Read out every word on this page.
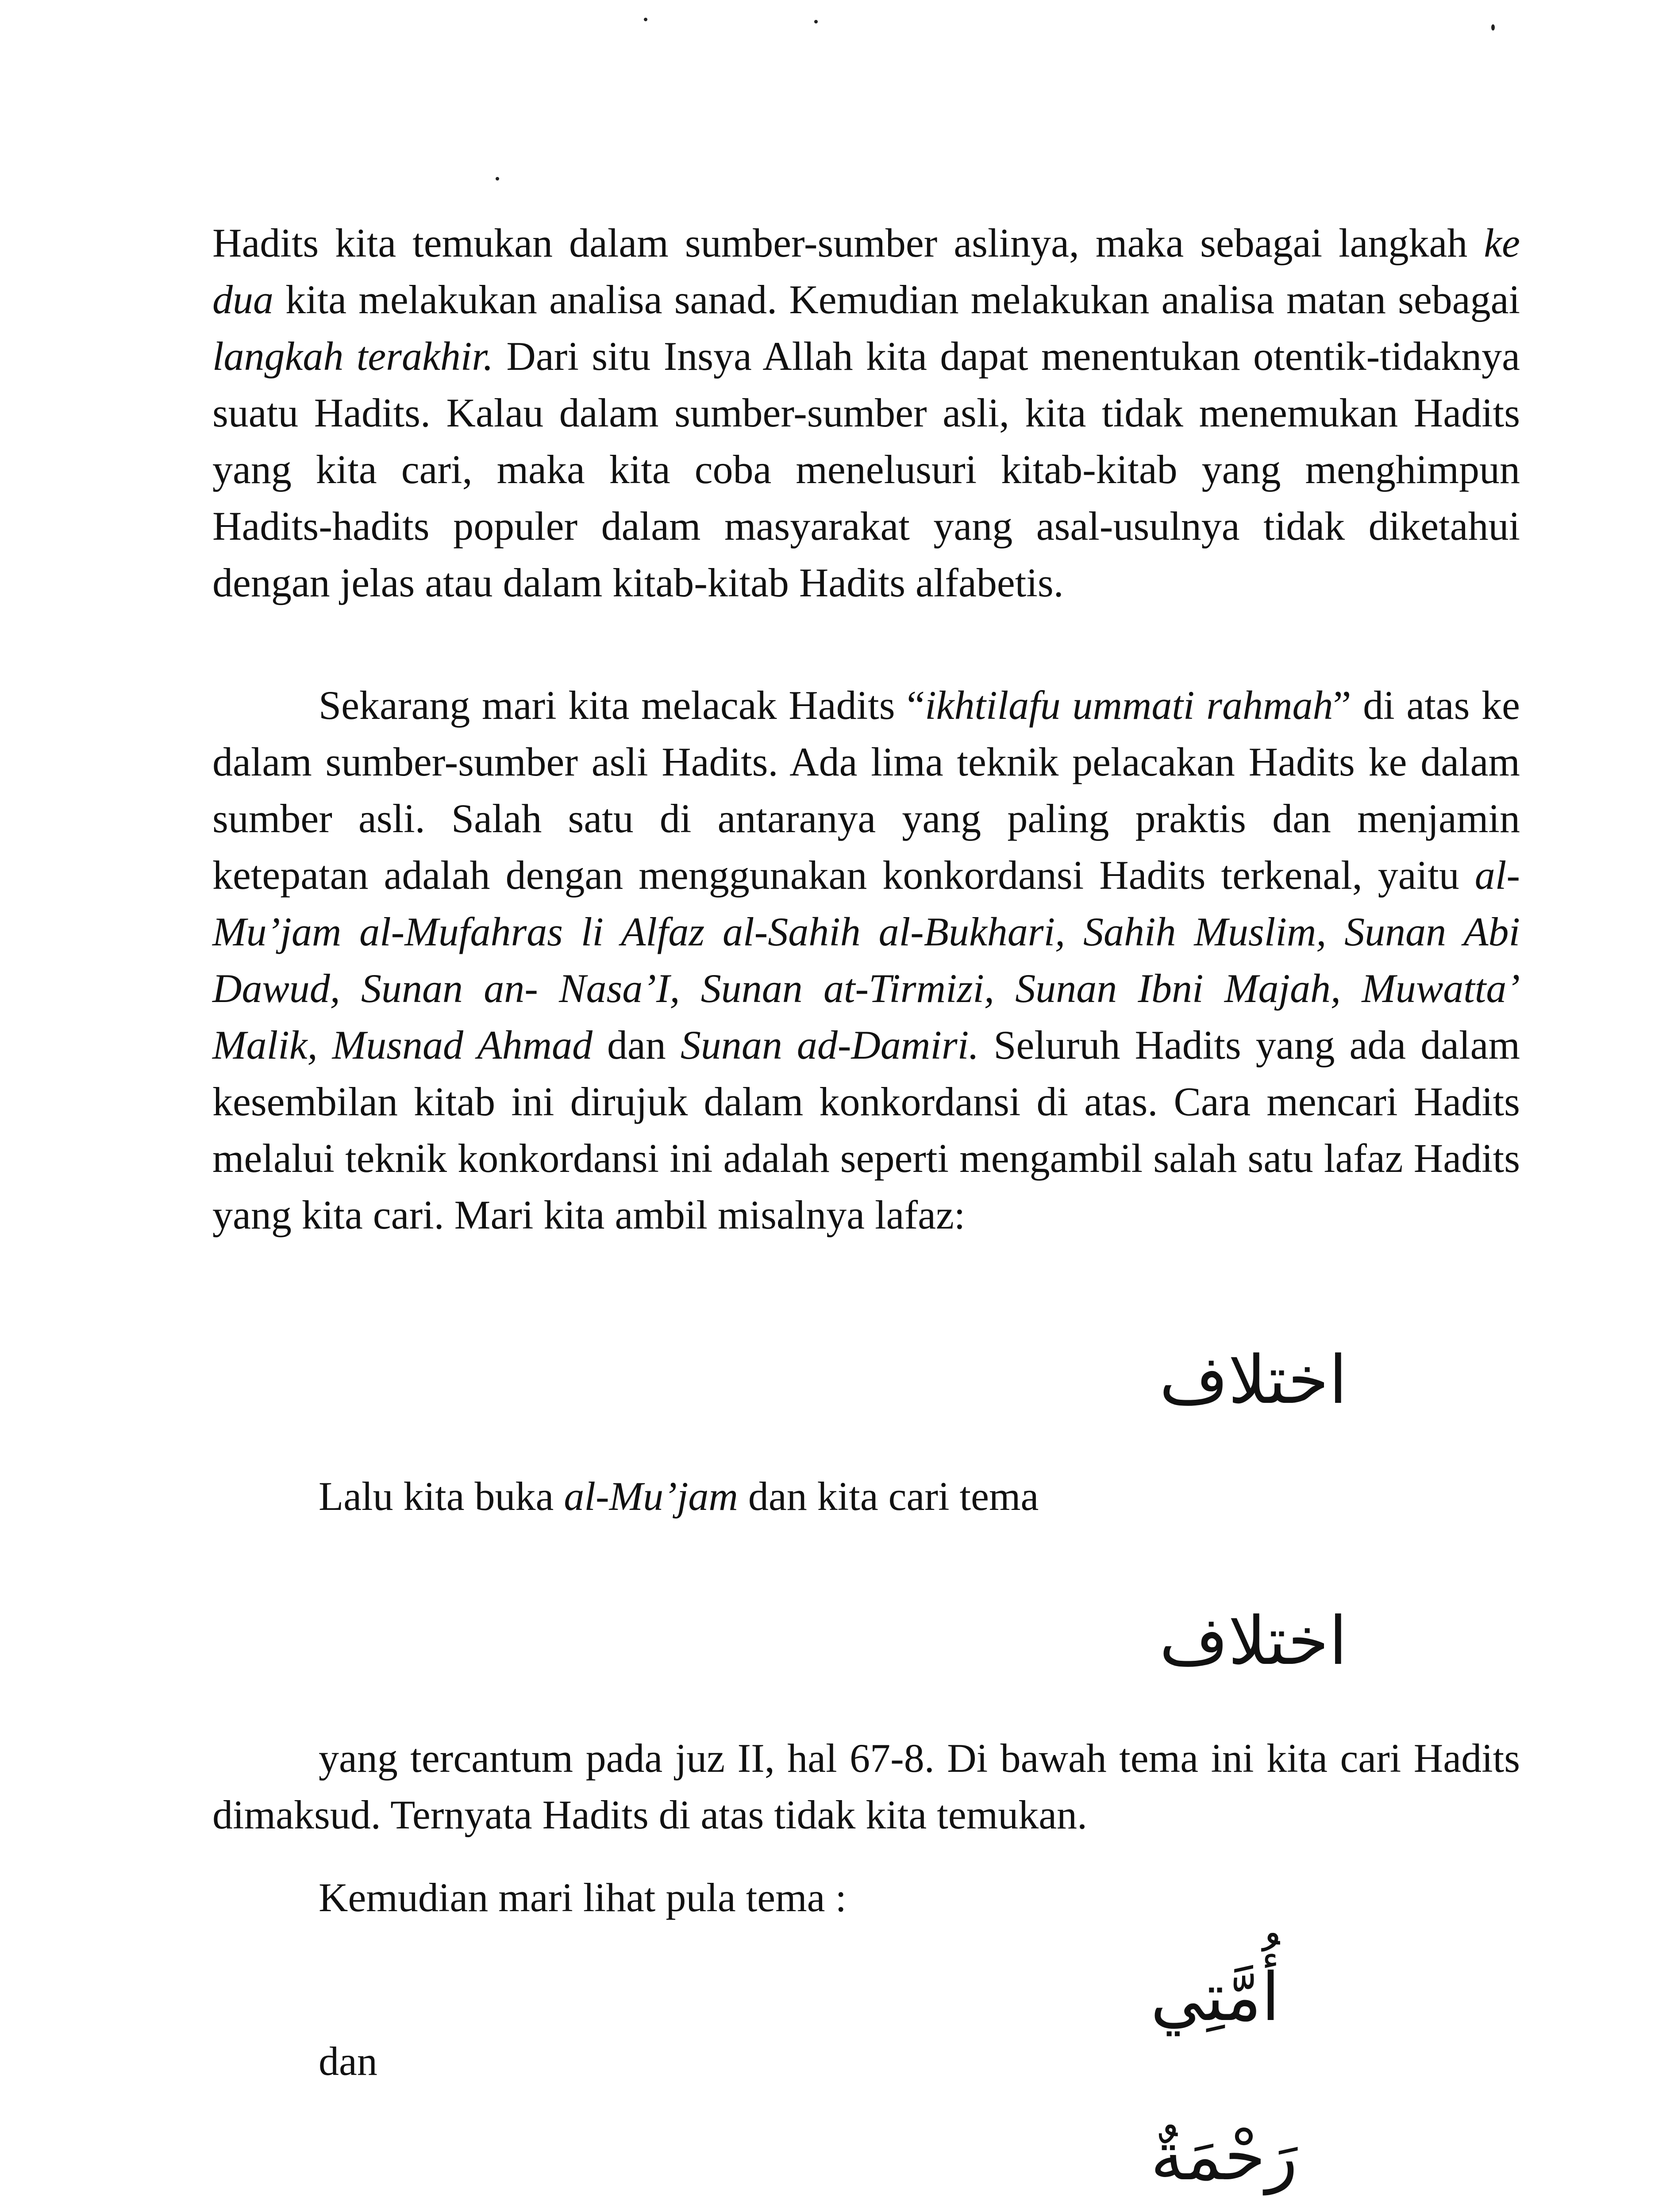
Hadits kita temukan dalam sumber-sumber aslinya, maka sebagai langkah ke dua kita melakukan analisa sanad. Kemudian melakukan analisa matan sebagai langkah terakhir. Dari situ Insya Allah kita dapat menentukan otentik-tidaknya suatu Hadits. Kalau dalam sumber-sumber asli, kita tidak menemukan Hadits yang kita cari, maka kita coba menelusuri kitab-kitab yang menghimpun Hadits-hadits populer dalam masyarakat yang asal-usulnya tidak diketahui dengan jelas atau dalam kitab-kitab Hadits alfabetis.

Sekarang mari kita melacak Hadits “ikhtilafu ummati rahmah” di atas ke dalam sumber-sumber asli Hadits. Ada lima teknik pelacakan Hadits ke dalam sumber asli. Salah satu di antaranya yang paling praktis dan menjamin ketepatan adalah dengan menggunakan konkordansi Hadits terkenal, yaitu al-Mu’jam al-Mufahras li Alfaz al-Sahih al-Bukhari, Sahih Muslim, Sunan Abi Dawud, Sunan an- Nasa’I, Sunan at-Tirmizi, Sunan Ibni Majah, Muwatta’ Malik, Musnad Ahmad dan Sunan ad-Damiri. Seluruh Hadits yang ada dalam kesembilan kitab ini dirujuk dalam konkordansi di atas. Cara mencari Hadits melalui teknik konkordansi ini adalah seperti mengambil salah satu lafaz Hadits yang kita cari. Mari kita ambil misalnya lafaz:

اختلاف
Lalu kita buka al-Mu’jam dan kita cari tema
اختلاف

yang tercantum pada juz II, hal 67-8. Di bawah tema ini kita cari Hadits dimaksud. Ternyata Hadits di atas tidak kita temukan.

Kemudian mari lihat pula tema :
dan
أُمَّتِي
رَحْمَةٌ
